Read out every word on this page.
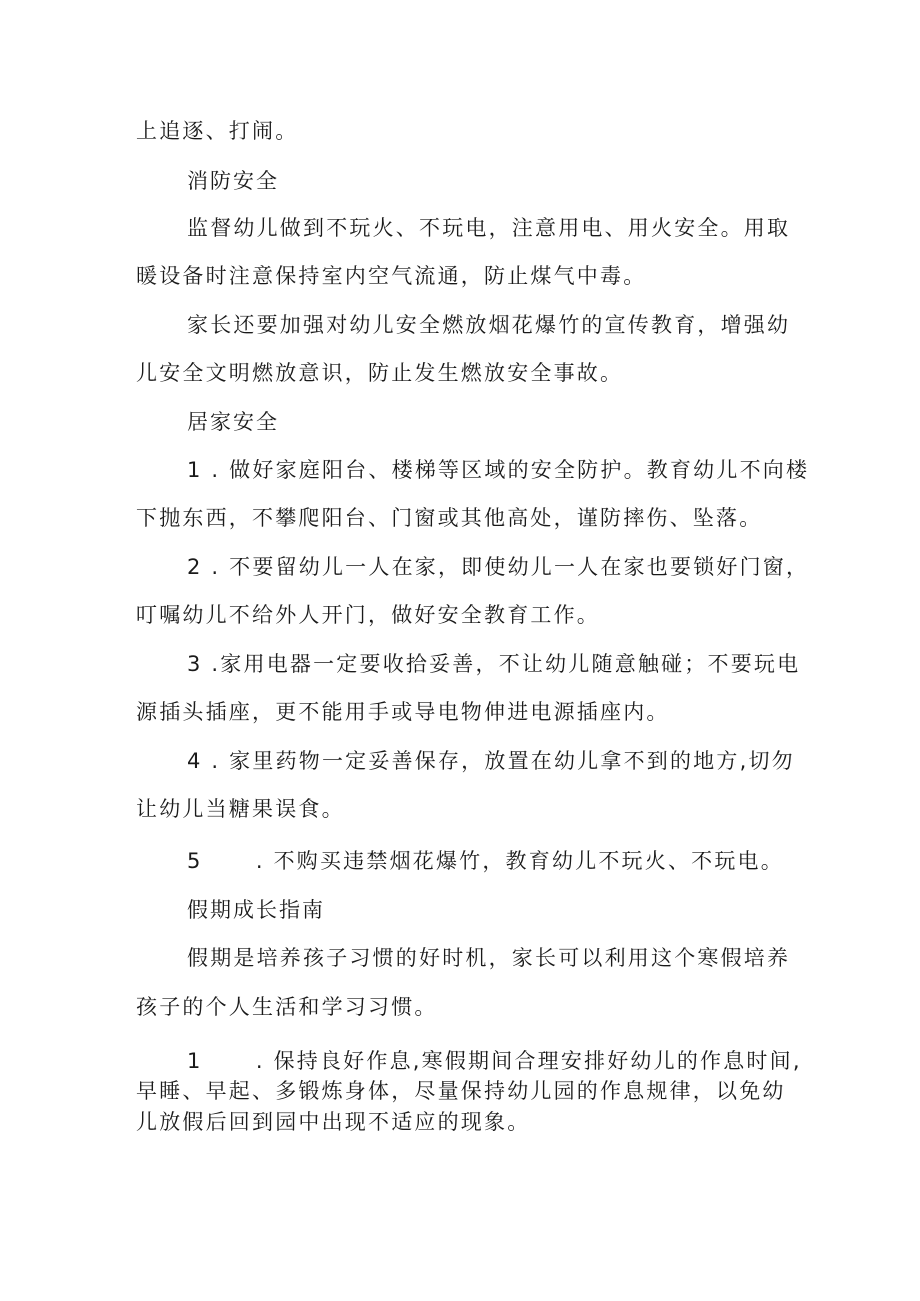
上追逐、打闹。
消防安全
监督幼儿做到不玩火、不玩电，注意用电、用火安全。用取
暖设备时注意保持室内空气流通，防止煤气中毒。
家长还要加强对幼儿安全燃放烟花爆竹的宣传教育，增强幼
儿安全文明燃放意识，防止发生燃放安全事故。
居家安全
1 . 做好家庭阳台、楼梯等区域的安全防护。教育幼儿不向楼
下抛东西，不攀爬阳台、门窗或其他高处，谨防摔伤、坠落。
2 . 不要留幼儿一人在家，即使幼儿一人在家也要锁好门窗，
叮嘱幼儿不给外人开门，做好安全教育工作。
3 .家用电器一定要收拾妥善，不让幼儿随意触碰；不要玩电
源插头插座，更不能用手或导电物伸进电源插座内。
4 . 家里药物一定妥善保存，放置在幼儿拿不到的地方,切勿
让幼儿当糖果误食。
5      . 不购买违禁烟花爆竹，教育幼儿不玩火、不玩电。
假期成长指南
假期是培养孩子习惯的好时机，家长可以利用这个寒假培养
孩子的个人生活和学习习惯。
1      . 保持良好作息,寒假期间合理安排好幼儿的作息时间,
早睡、早起、多锻炼身体，尽量保持幼儿园的作息规律，以免幼
儿放假后回到园中出现不适应的现象。
